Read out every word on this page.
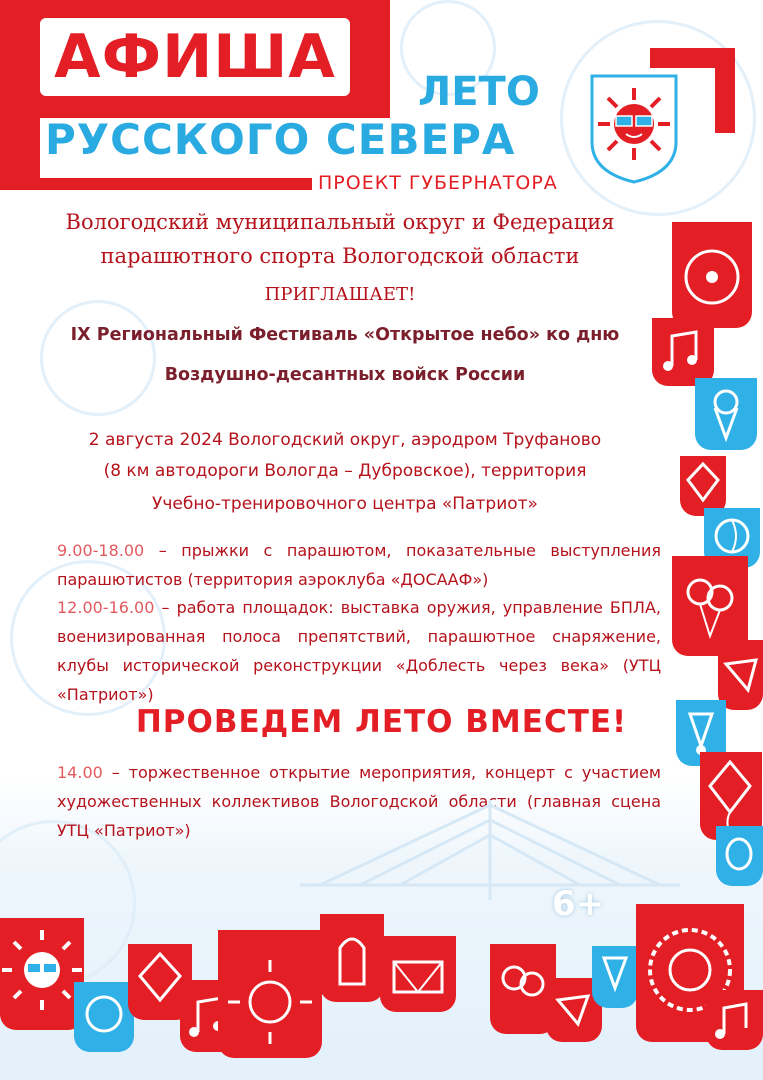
АФИША	ЛЕТО
РУССКОГО СЕВЕРА
ПРОЕКТ ГУБЕРНАТОРА
Вологодский муниципальный округ и Федерация
парашютного спорта Вологодской области
ПРИГЛАШАЕТ!
IX Региональный Фестиваль «Открытое небо» ко дню
Воздушно-десантных войск России
2 августа 2024 Вологодский округ, аэродром Труфаново
(8 км автодороги Вологда – Дубровское), территория
Учебно-тренировочного центра «Патриот»
9.00-18.00 – прыжки с парашютом, показательные выступления парашютистов (территория аэроклуба «ДОСААФ»)
12.00-16.00 – работа площадок: выставка оружия, управление БПЛА, военизированная полоса препятствий, парашютное снаряжение, клубы исторической реконструкции «Доблесть через века» (УТЦ «Патриот»)
ПРОВЕДЕМ ЛЕТО ВМЕСТЕ!
14.00 – торжественное открытие мероприятия, концерт с участием художественных коллективов Вологодской области (главная сцена УТЦ «Патриот»)
6+
